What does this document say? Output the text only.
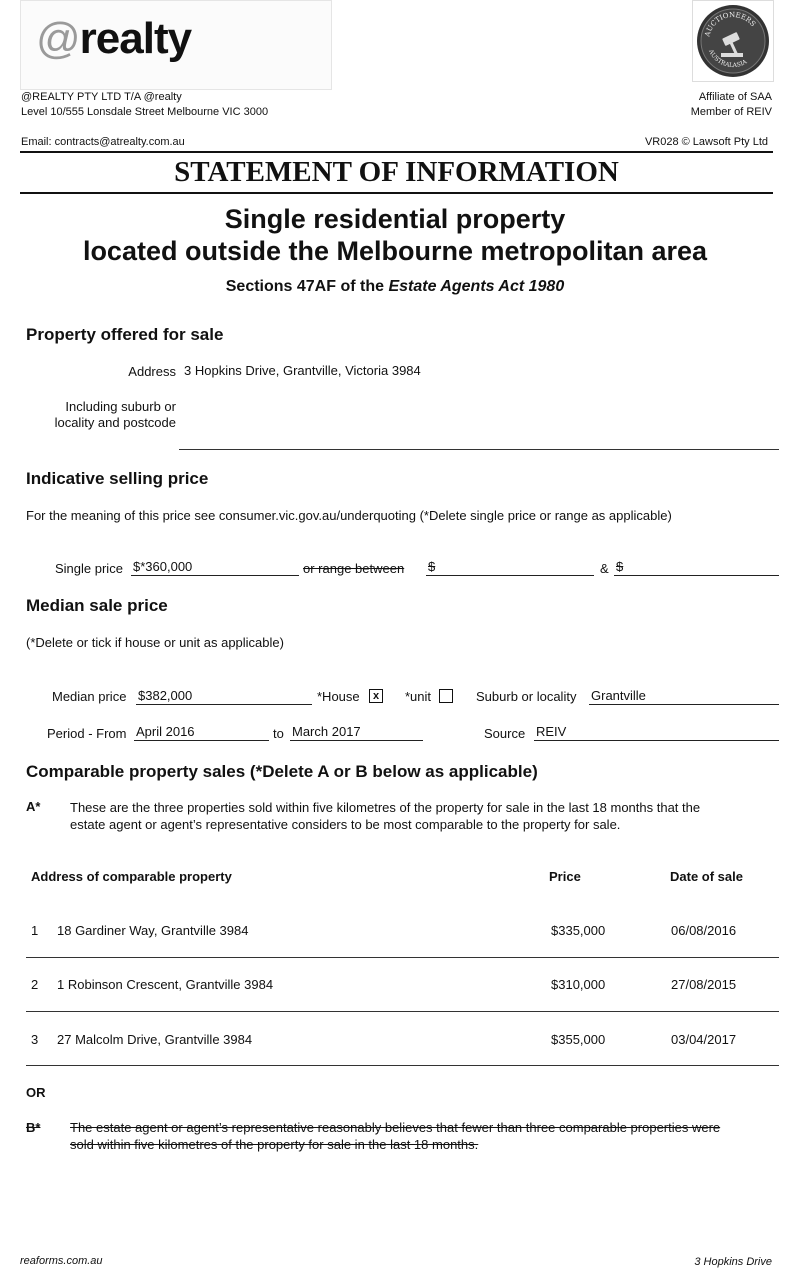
@realty	AUCTIONEERS
AUSTRALASIA
@REALTY PTY LTD T/A @realty
Level 10/555 Lonsdale Street Melbourne VIC 3000
Affiliate of SAA
Member of REIV
Email: contracts@atrealty.com.au	VR028 © Lawsoft Pty Ltd
STATEMENT OF INFORMATION
Single residential property
located outside the Melbourne metropolitan area
Sections 47AF of the Estate Agents Act 1980
Property offered for sale
Address 3 Hopkins Drive, Grantville, Victoria 3984
Including suburb or
locality and postcode
Indicative selling price
For the meaning of this price see consumer.vic.gov.au/underquoting (*Delete single price or range as applicable)
Single price $*360,000	or range between $	& $
Median sale price
(*Delete or tick if house or unit as applicable)
Median price $382,000	*House	x	*unit	Suburb or locality Grantville
Period - From April 2016	to March 2017	Source REIV
Comparable property sales (*Delete A or B below as applicable)
A* These are the three properties sold within five kilometres of the property for sale in the last 18 months that the
estate agent or agent’s representative considers to be most comparable to the property for sale.
Address of comparable property	Price	Date of sale
1 18 Gardiner Way, Grantville 3984	$335,000	06/08/2016
2 1 Robinson Crescent, Grantville 3984	$310,000	27/08/2015
3 27 Malcolm Drive, Grantville 3984	$355,000	03/04/2017
OR
B* The estate agent or agent’s representative reasonably believes that fewer than three comparable properties were
sold within five kilometres of the property for sale in the last 18 months.
reaforms.com.au	3 Hopkins Drive
